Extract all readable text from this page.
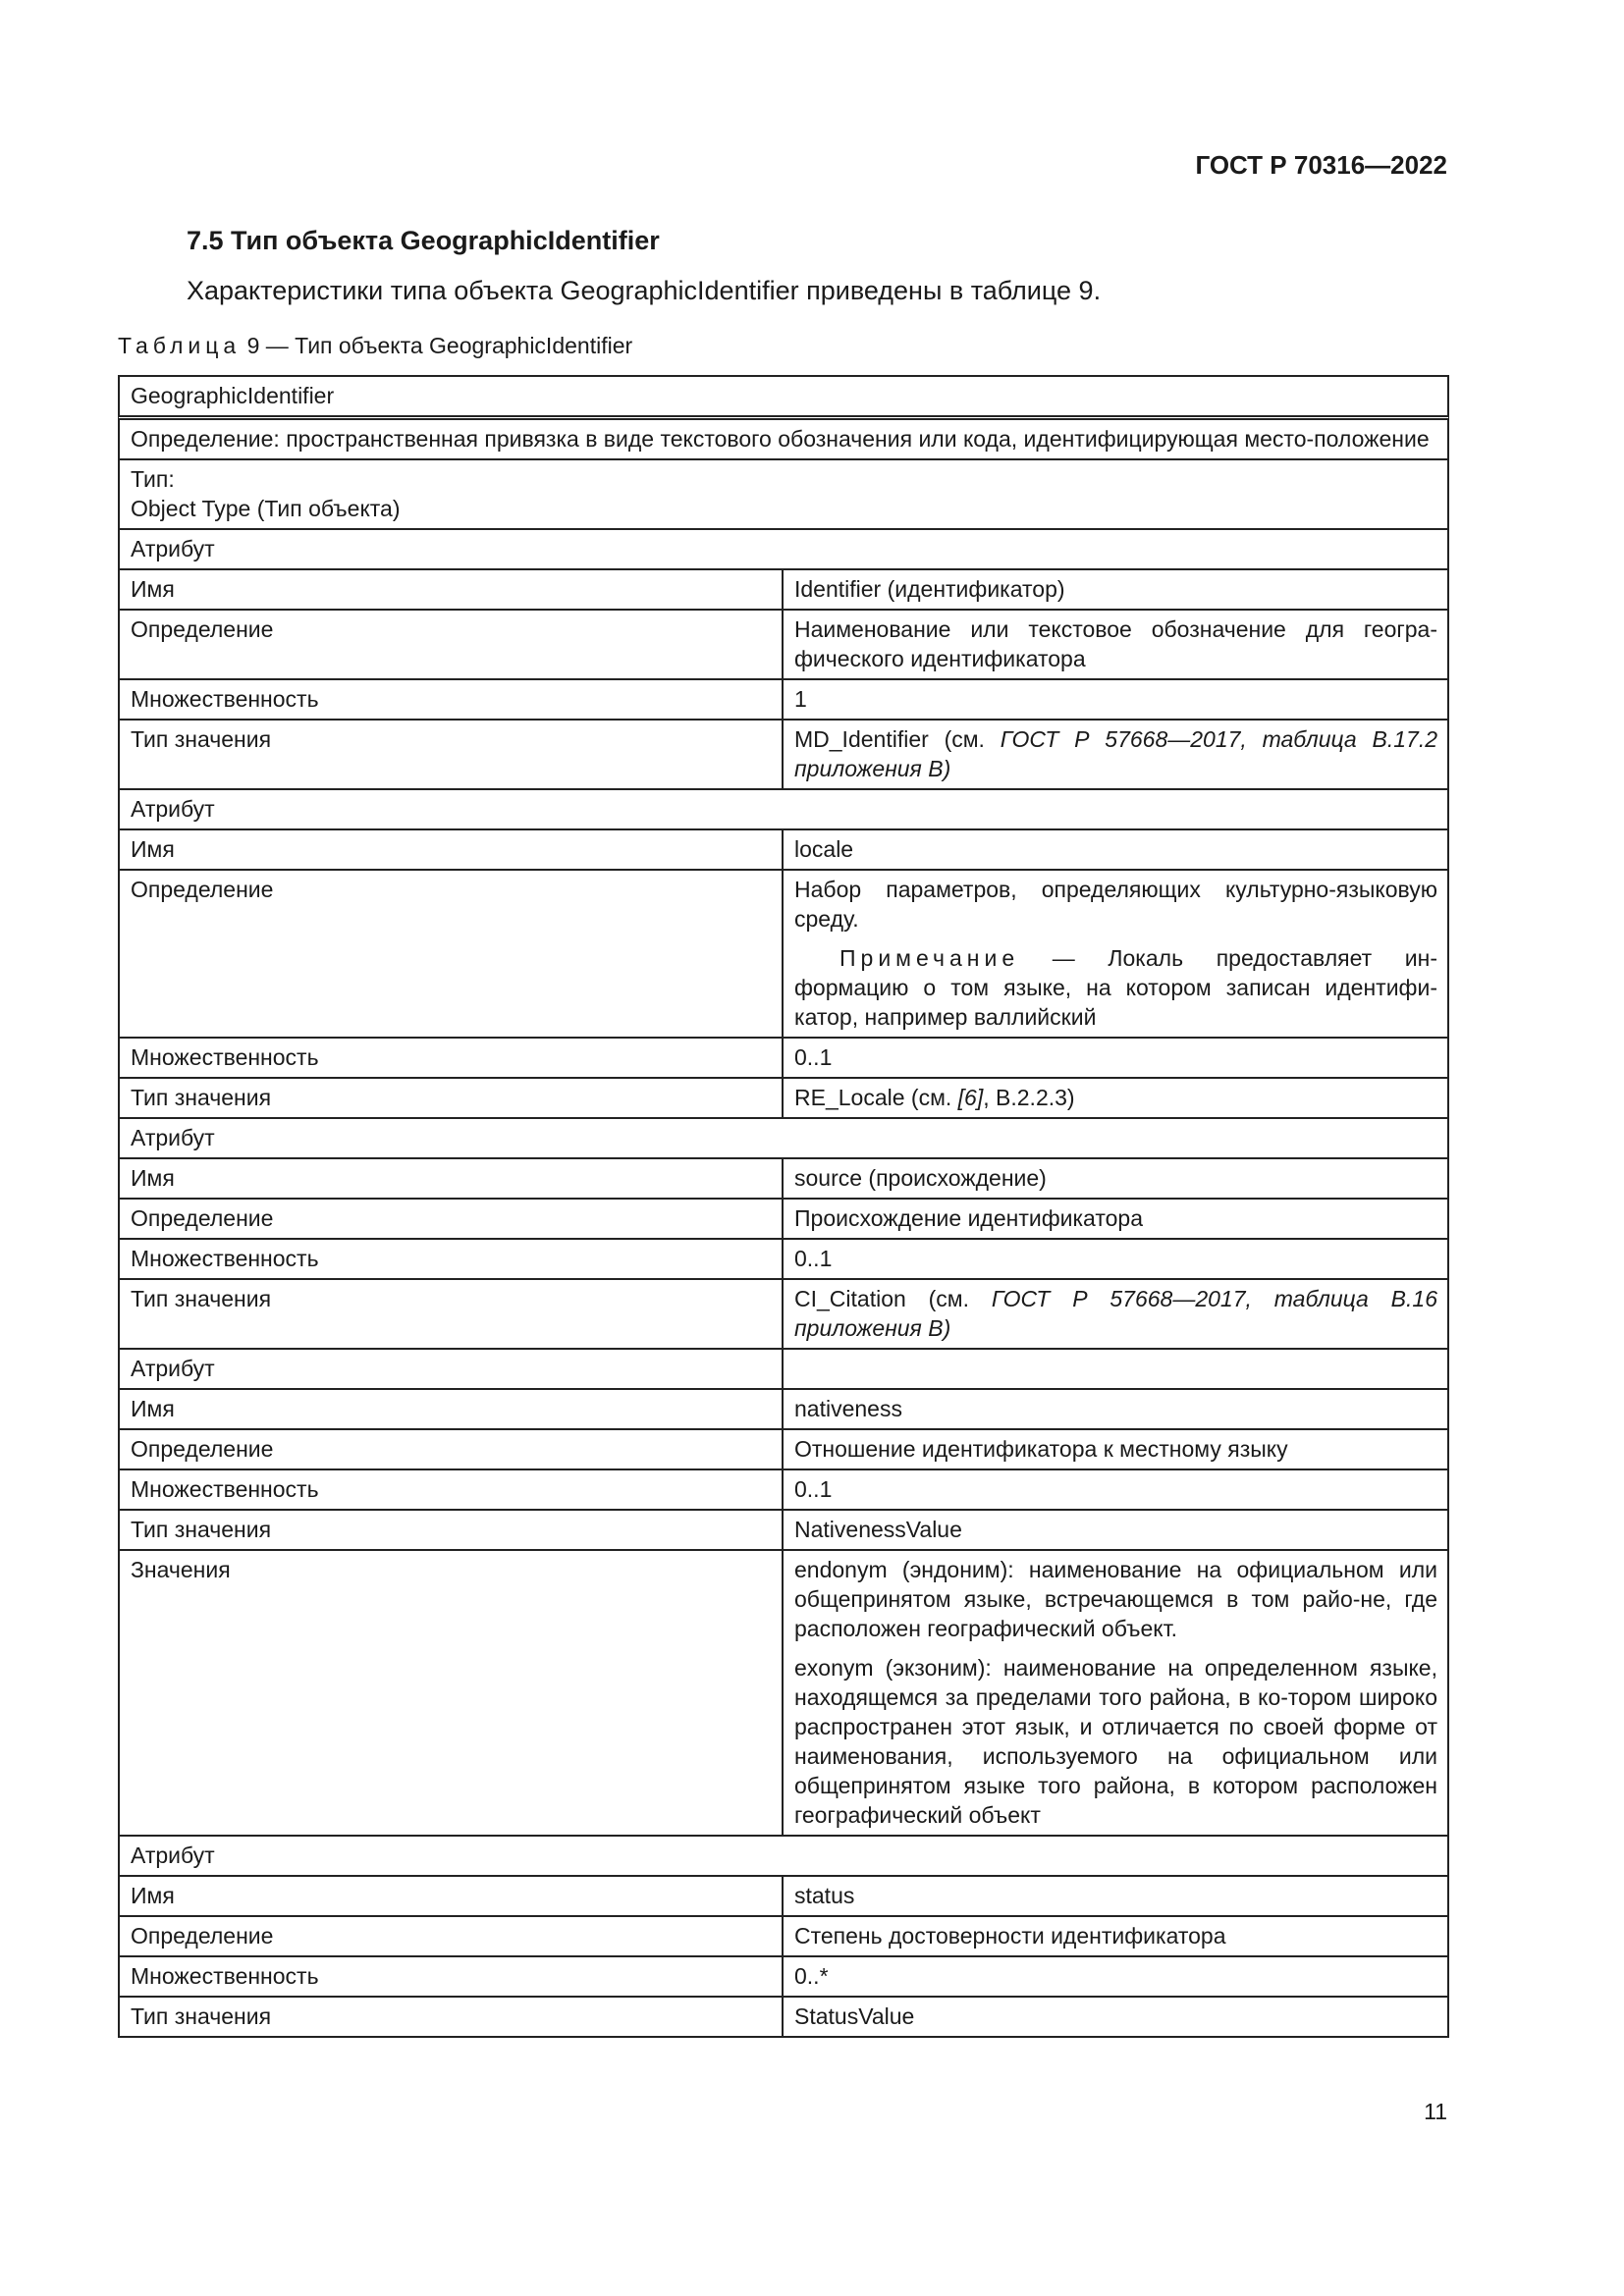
ГОСТ Р 70316—2022
7.5 Тип объекта GeographicIdentifier
Характеристики типа объекта GeographicIdentifier приведены в таблице 9.
Таблица 9 — Тип объекта GeographicIdentifier
GeographicIdentifier
Определение: пространственная привязка в виде текстового обозначения или кода, идентифицирующая место-положение
Тип:
Object Type (Тип объекта)
Атрибут
Имя	Identifier (идентификатор)
Определение	Наименование или текстовое обозначение для геогра-фического идентификатора
Множественность	1
Тип значения	MD_Identifier (см. ГОСТ Р 57668—2017, таблица В.17.2 приложения В)
Атрибут
Имя	locale
Определение	Набор параметров, определяющих культурно-языковую среду.

Примечание — Локаль предоставляет ин-формацию о том языке, на котором записан идентифи-катор, например валлийский

Множественность	0..1
Тип значения	RE_Locale (см. [6], B.2.2.3)
Атрибут
Имя	source (происхождение)
Определение	Происхождение идентификатора
Множественность	0..1
Тип значения	CI_Citation (см. ГОСТ Р 57668—2017, таблица В.16 приложения В)
Атрибут
Имя	nativeness
Определение	Отношение идентификатора к местному языку
Множественность	0..1
Тип значения	NativenessValue
Значения	endonym (эндоним): наименование на официальном или общепринятом языке, встречающемся в том райо-не, где расположен географический объект.

exonym (экзоним): наименование на определенном языке, находящемся за пределами того района, в ко-тором широко распространен этот язык, и отличается по своей форме от наименования, используемого на официальном или общепринятом языке того района, в котором расположен географический объект

Атрибут
Имя	status
Определение	Степень достоверности идентификатора
Множественность	0..*
Тип значения	StatusValue
11
